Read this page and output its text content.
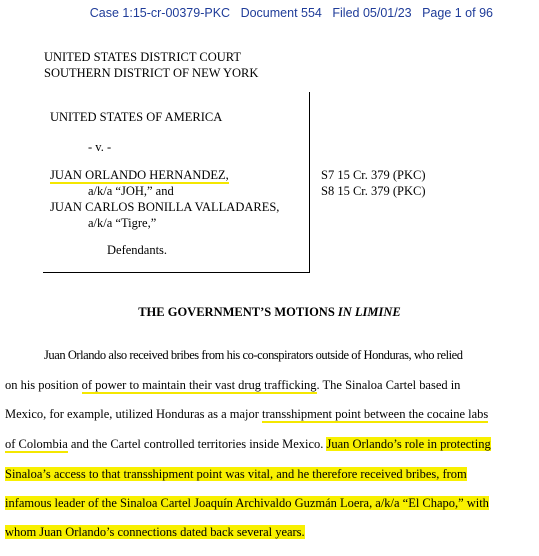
Case 1:15-cr-00379-PKC Document 554 Filed 05/01/23 Page 1 of 96
UNITED STATES DISTRICT COURT
SOUTHERN DISTRICT OF NEW YORK
UNITED STATES OF AMERICA
- v. -
JUAN ORLANDO HERNANDEZ,
a/k/a “JOH,” and
JUAN CARLOS BONILLA VALLADARES,
a/k/a “Tigre,”
Defendants.
S7 15 Cr. 379 (PKC)
S8 15 Cr. 379 (PKC)
THE GOVERNMENT’S MOTIONS IN LIMINE
Juan Orlando also received bribes from his co-conspirators outside of Honduras, who relied
on his position of power to maintain their vast drug trafficking. The Sinaloa Cartel based in
Mexico, for example, utilized Honduras as a major transshipment point between the cocaine labs
of Colombia and the Cartel controlled territories inside Mexico. Juan Orlando’s role in protecting
Sinaloa’s access to that transshipment point was vital, and he therefore received bribes, from
infamous leader of the Sinaloa Cartel Joaquín Archivaldo Guzmán Loera, a/k/a “El Chapo,” with
whom Juan Orlando’s connections dated back several years.
